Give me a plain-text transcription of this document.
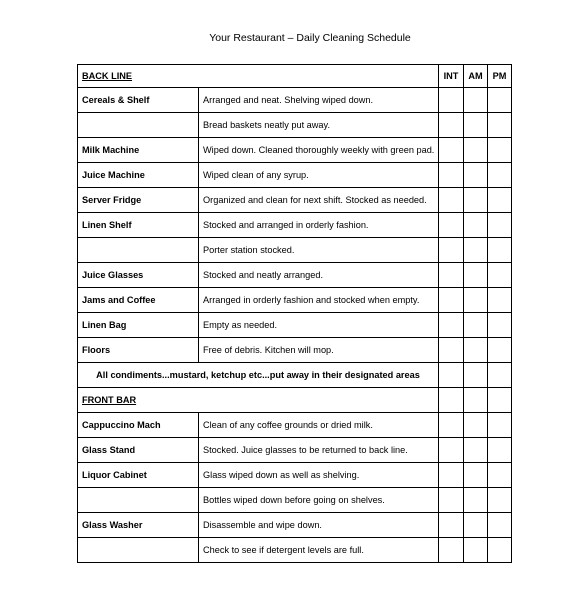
Your Restaurant – Daily Cleaning Schedule
BACK LINE		INT	AM	PM
Cereals & Shelf	Arranged and neat. Shelving wiped down.			
	Bread baskets neatly put away.			
Milk Machine	Wiped down. Cleaned thoroughly weekly with green pad.			
Juice Machine	Wiped clean of any syrup.			
Server Fridge	Organized and clean for next shift. Stocked as needed.			
Linen Shelf	Stocked and arranged in orderly fashion.			
	Porter station stocked.			
Juice Glasses	Stocked and neatly arranged.			
Jams and Coffee	Arranged in orderly fashion and stocked when empty.			
Linen Bag	Empty as needed.			
Floors	Free of debris. Kitchen will mop.			
All condiments...mustard, ketchup etc...put away in their designated areas				
FRONT BAR				
Cappuccino Mach	Clean of any coffee grounds or dried milk.			
Glass Stand	Stocked. Juice glasses to be returned to back line.			
Liquor Cabinet	Glass wiped down as well as shelving.			
	Bottles wiped down before going on shelves.			
Glass Washer	Disassemble and wipe down.			
	Check to see if detergent levels are full.			
